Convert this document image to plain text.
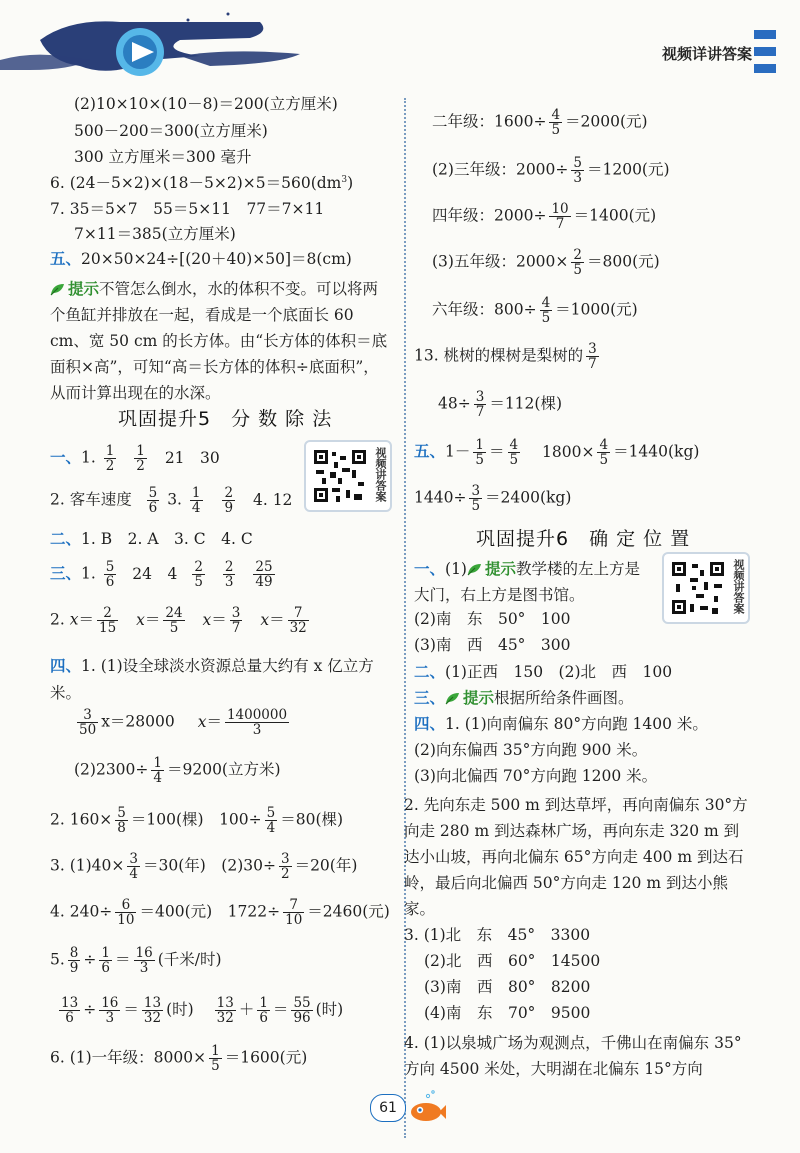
视频详讲答案
(2)10×10×(10－8)＝200(立方厘米)
500－200＝300(立方厘米)
300 立方厘米＝300 毫升
6. $(24-5\times 2)\times(18-5\times 2)\times 5=560(dm^3)$
7. 35＝5×7　55＝5×11　77＝7×11
7×11＝385(立方厘米)
五、20×50×24÷[(20＋40)×50]＝8(cm)
提示不管怎么倒水，水的体积不变。可以将两个鱼缸并排放在一起，看成是一个底面长 60 cm、宽 50 cm 的长方体。由“长方体的体积＝底面积×高”，可知“高＝长方体的体积÷底面积”，从而计算出现在的水深。
巩固提升5　分 数 除 法
一、1. $\frac{1}{2}$
$\frac{1}{2} 21$　30
2. 客车速度 $\frac{5}{6} 3$. $\frac{1}{4}$
$\frac{2}{9} 4$. 12
二、1. B　2. A　3. C　4. C
三、1. $\frac{5}{6} 24$　$4 \frac{2}{5}$
$\frac{2}{3}$
$\frac{25}{49}$
2. $x= \frac{2}{15} x= \frac{24}{5} x= \frac{3}{7} x= \frac{7}{32}$
四、1. (1)设全球淡水资源总量大约有 x 亿立方米。
$\frac{3}{50} x=28000$ $x= \frac{1400000}{3}$
$(2)2300\div \frac{1}{4} =9200$(立方米)
2. $160\times \frac{5}{8} =100$(棵)　$100\div \frac{5}{4} =80$(棵)
3. $(1)40\times \frac{3}{4} =30$(年)　$(2)30\div \frac{3}{2} =20$(年)
4. $240\div \frac{6}{10} =400$(元)　$1722\div \frac{7}{10} =2460$(元)
5. $\frac{8}{9} \div \frac{1}{6} = \frac{16}{3}$ (千米/时)
$\frac{13}{6} \div \frac{16}{3} = \frac{13}{32}$ (时) $\frac{13}{32} + \frac{1}{6} = \frac{55}{96}$ (时)
6. (1)一年级：$8000\times \frac{1}{5} =1600$(元)
视频讲答案
二年级：$1600\div \frac{4}{5} =2000$(元)
(2)三年级：$2000\div \frac{5}{3} =1200$(元)
四年级：$2000\div \frac{10}{7} =1400$(元)
(3)五年级：$2000\times \frac{2}{5} =800$(元)
六年级：$800\div \frac{4}{5} =1000$(元)
13. 桃树的棵树是梨树的 $\frac{3}{7}$
$48\div \frac{3}{7} =112$(棵)
五、$1- \frac{1}{5} = \frac{4}{5} 1800\times \frac{4}{5} =1440(kg)$
$1440\div \frac{3}{5} =2400(kg)$
巩固提升6　确 定 位 置
一、(1) 提示教学楼的左上方是大门，右上方是图书馆。
(2)南　东　50°　100
(3)南　西　45°　300
二、(1)正西　150　(2)北　西　100
三、 提示根据所给条件画图。
四、1. (1)向南偏东 80°方向跑 1400 米。
(2)向东偏西 35°方向跑 900 米。
(3)向北偏西 70°方向跑 1200 米。
2. 先向东走 500 m 到达草坪，再向南偏东 30°方向走 280 m 到达森林广场，再向东走 320 m 到达小山坡，再向北偏东 65°方向走 400 m 到达石岭，最后向北偏西 50°方向走 120 m 到达小熊家。
3. (1)北　东　45°　3300
(2)北　西　60°　14500
(3)南　西　80°　8200
(4)南　东　70°　9500
4. (1)以泉城广场为观测点，千佛山在南偏东 35°方向 4500 米处，大明湖在北偏东 15°方向
视频讲答案
61
